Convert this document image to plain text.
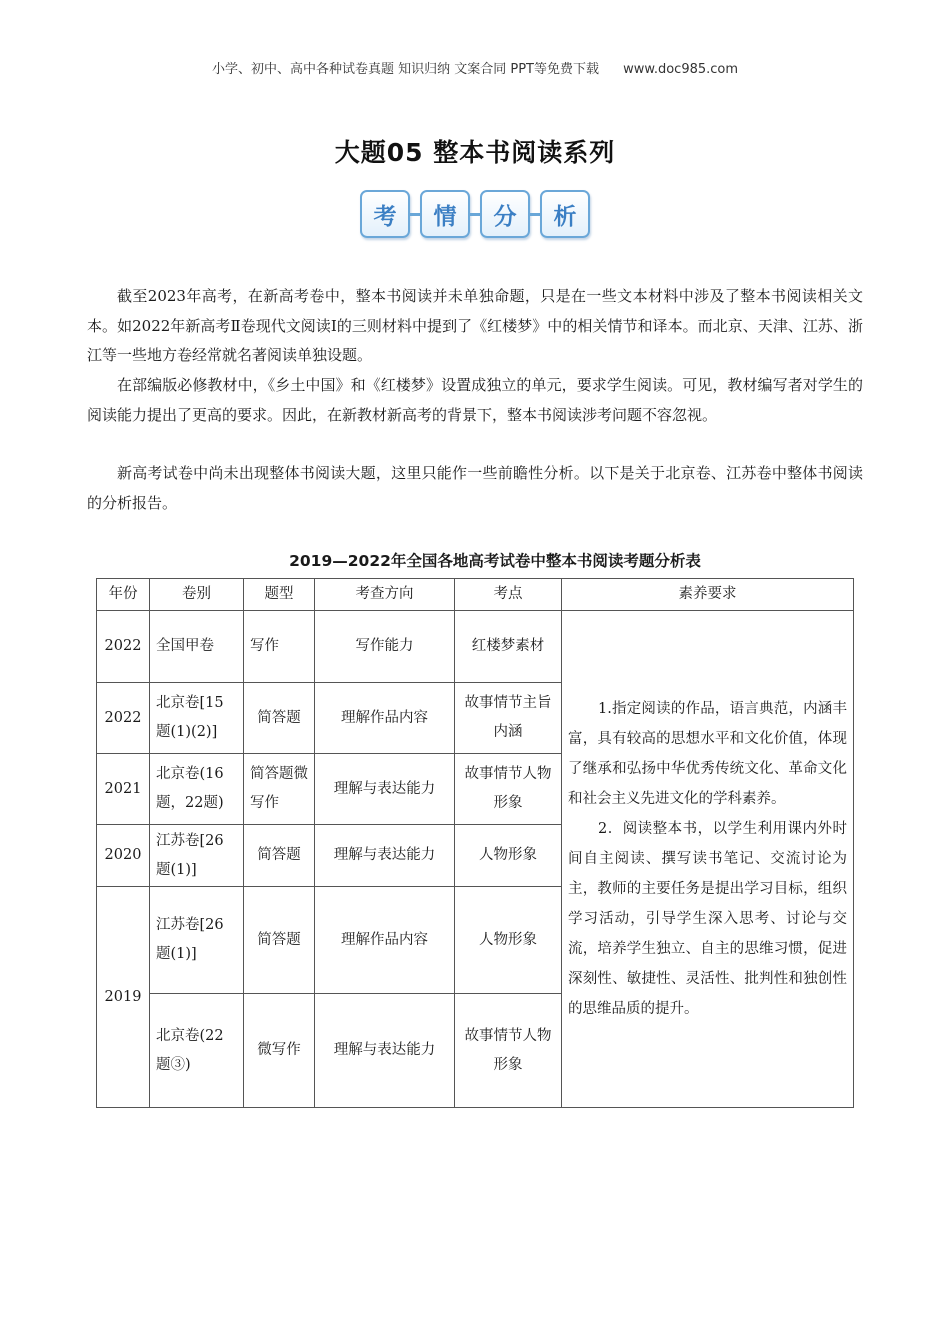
小学、初中、高中各种试卷真题 知识归纳 文案合同 PPT等免费下载 www.doc985.com
大题05 整本书阅读系列
考	情	分	析

截至2023年高考，在新高考卷中，整本书阅读并未单独命题，只是在一些文本材料中涉及了整本书阅读相关文本。如2022年新高考Ⅱ卷现代文阅读Ⅰ的三则材料中提到了《红楼梦》中的相关情节和译本。而北京、天津、江苏、浙江等一些地方卷经常就名著阅读单独设题。

在部编版必修教材中，《乡土中国》和《红楼梦》设置成独立的单元，要求学生阅读。可见，教材编写者对学生的阅读能力提出了更高的要求。因此，在新教材新高考的背景下，整本书阅读涉考问题不容忽视。

新高考试卷中尚未出现整体书阅读大题，这里只能作一些前瞻性分析。以下是关于北京卷、江苏卷中整体书阅读的分析报告。

2019—2022年全国各地高考试卷中整本书阅读考题分析表
年份	卷别	题型	考查方向	考点	素养要求
2022	全国甲卷	写作	写作能力	红楼梦素材	1.指定阅读的作品，语言典范，内涵丰富，具有较高的思想水平和文化价值，体现了继承和弘扬中华优秀传统文化、革命文化和社会主义先进文化的学科素养。

2．阅读整本书，以学生利用课内外时间自主阅读、撰写读书笔记、交流讨论为主，教师的主要任务是提出学习目标，组织学习活动，引导学生深入思考、讨论与交流，培养学生独立、自主的思维习惯，促进深刻性、敏捷性、灵活性、批判性和独创性的思维品质的提升。

2022	北京卷[15题(1)(2)]	简答题	理解作品内容	故事情节主旨内涵	
2021	北京卷(16题，22题)	简答题微写作	理解与表达能力	故事情节人物形象	
2020	江苏卷[26题(1)]	简答题	理解与表达能力	人物形象	
2019	江苏卷[26题(1)]	简答题	理解作品内容	人物形象	
	北京卷(22题③)	微写作	理解与表达能力	故事情节人物形象	
